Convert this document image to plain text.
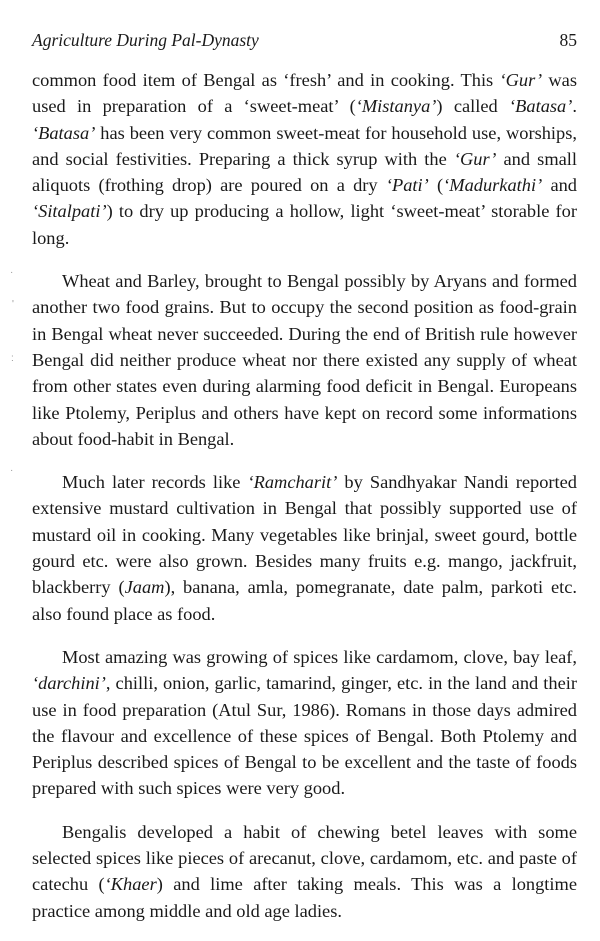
Agriculture During Pal-Dynasty	85

common food item of Bengal as ‘fresh’ and in cooking. This ‘Gur’ was used in preparation of a ‘sweet-meat’ (‘Mistanya’) called ‘Batasa’. ‘Batasa’ has been very common sweet-meat for household use, worships, and social festivities. Preparing a thick syrup with the ‘Gur’ and small aliquots (frothing drop) are poured on a dry ‘Pati’ (‘Madurkathi’ and ‘Sitalpati’) to dry up producing a hollow, light ‘sweet-meat’ storable for long.

Wheat and Barley, brought to Bengal possibly by Aryans and formed another two food grains. But to occupy the second position as food-grain in Bengal wheat never succeeded. During the end of British rule however Bengal did neither produce wheat nor there existed any supply of wheat from other states even during alarming food deficit in Bengal. Europeans like Ptolemy, Periplus and others have kept on record some informations about food-habit in Bengal.

Much later records like ‘Ramcharit’ by Sandhyakar Nandi reported extensive mustard cultivation in Bengal that possibly supported use of mustard oil in cooking. Many vegetables like brinjal, sweet gourd, bottle gourd etc. were also grown. Besides many fruits e.g. mango, jackfruit, blackberry (Jaam), banana, amla, pomegranate, date palm, parkoti etc. also found place as food.

Most amazing was growing of spices like cardamom, clove, bay leaf, ‘darchini’, chilli, onion, garlic, tamarind, ginger, etc. in the land and their use in food preparation (Atul Sur, 1986). Romans in those days admired the flavour and excellence of these spices of Bengal. Both Ptolemy and Periplus described spices of Bengal to be excellent and the taste of foods prepared with such spices were very good.

Bengalis developed a habit of chewing betel leaves with some selected spices like pieces of arecanut, clove, cardamom, etc. and paste of catechu (‘Khaer) and lime after taking meals. This was a longtime practice among middle and old age ladies.

·
'
:
·
